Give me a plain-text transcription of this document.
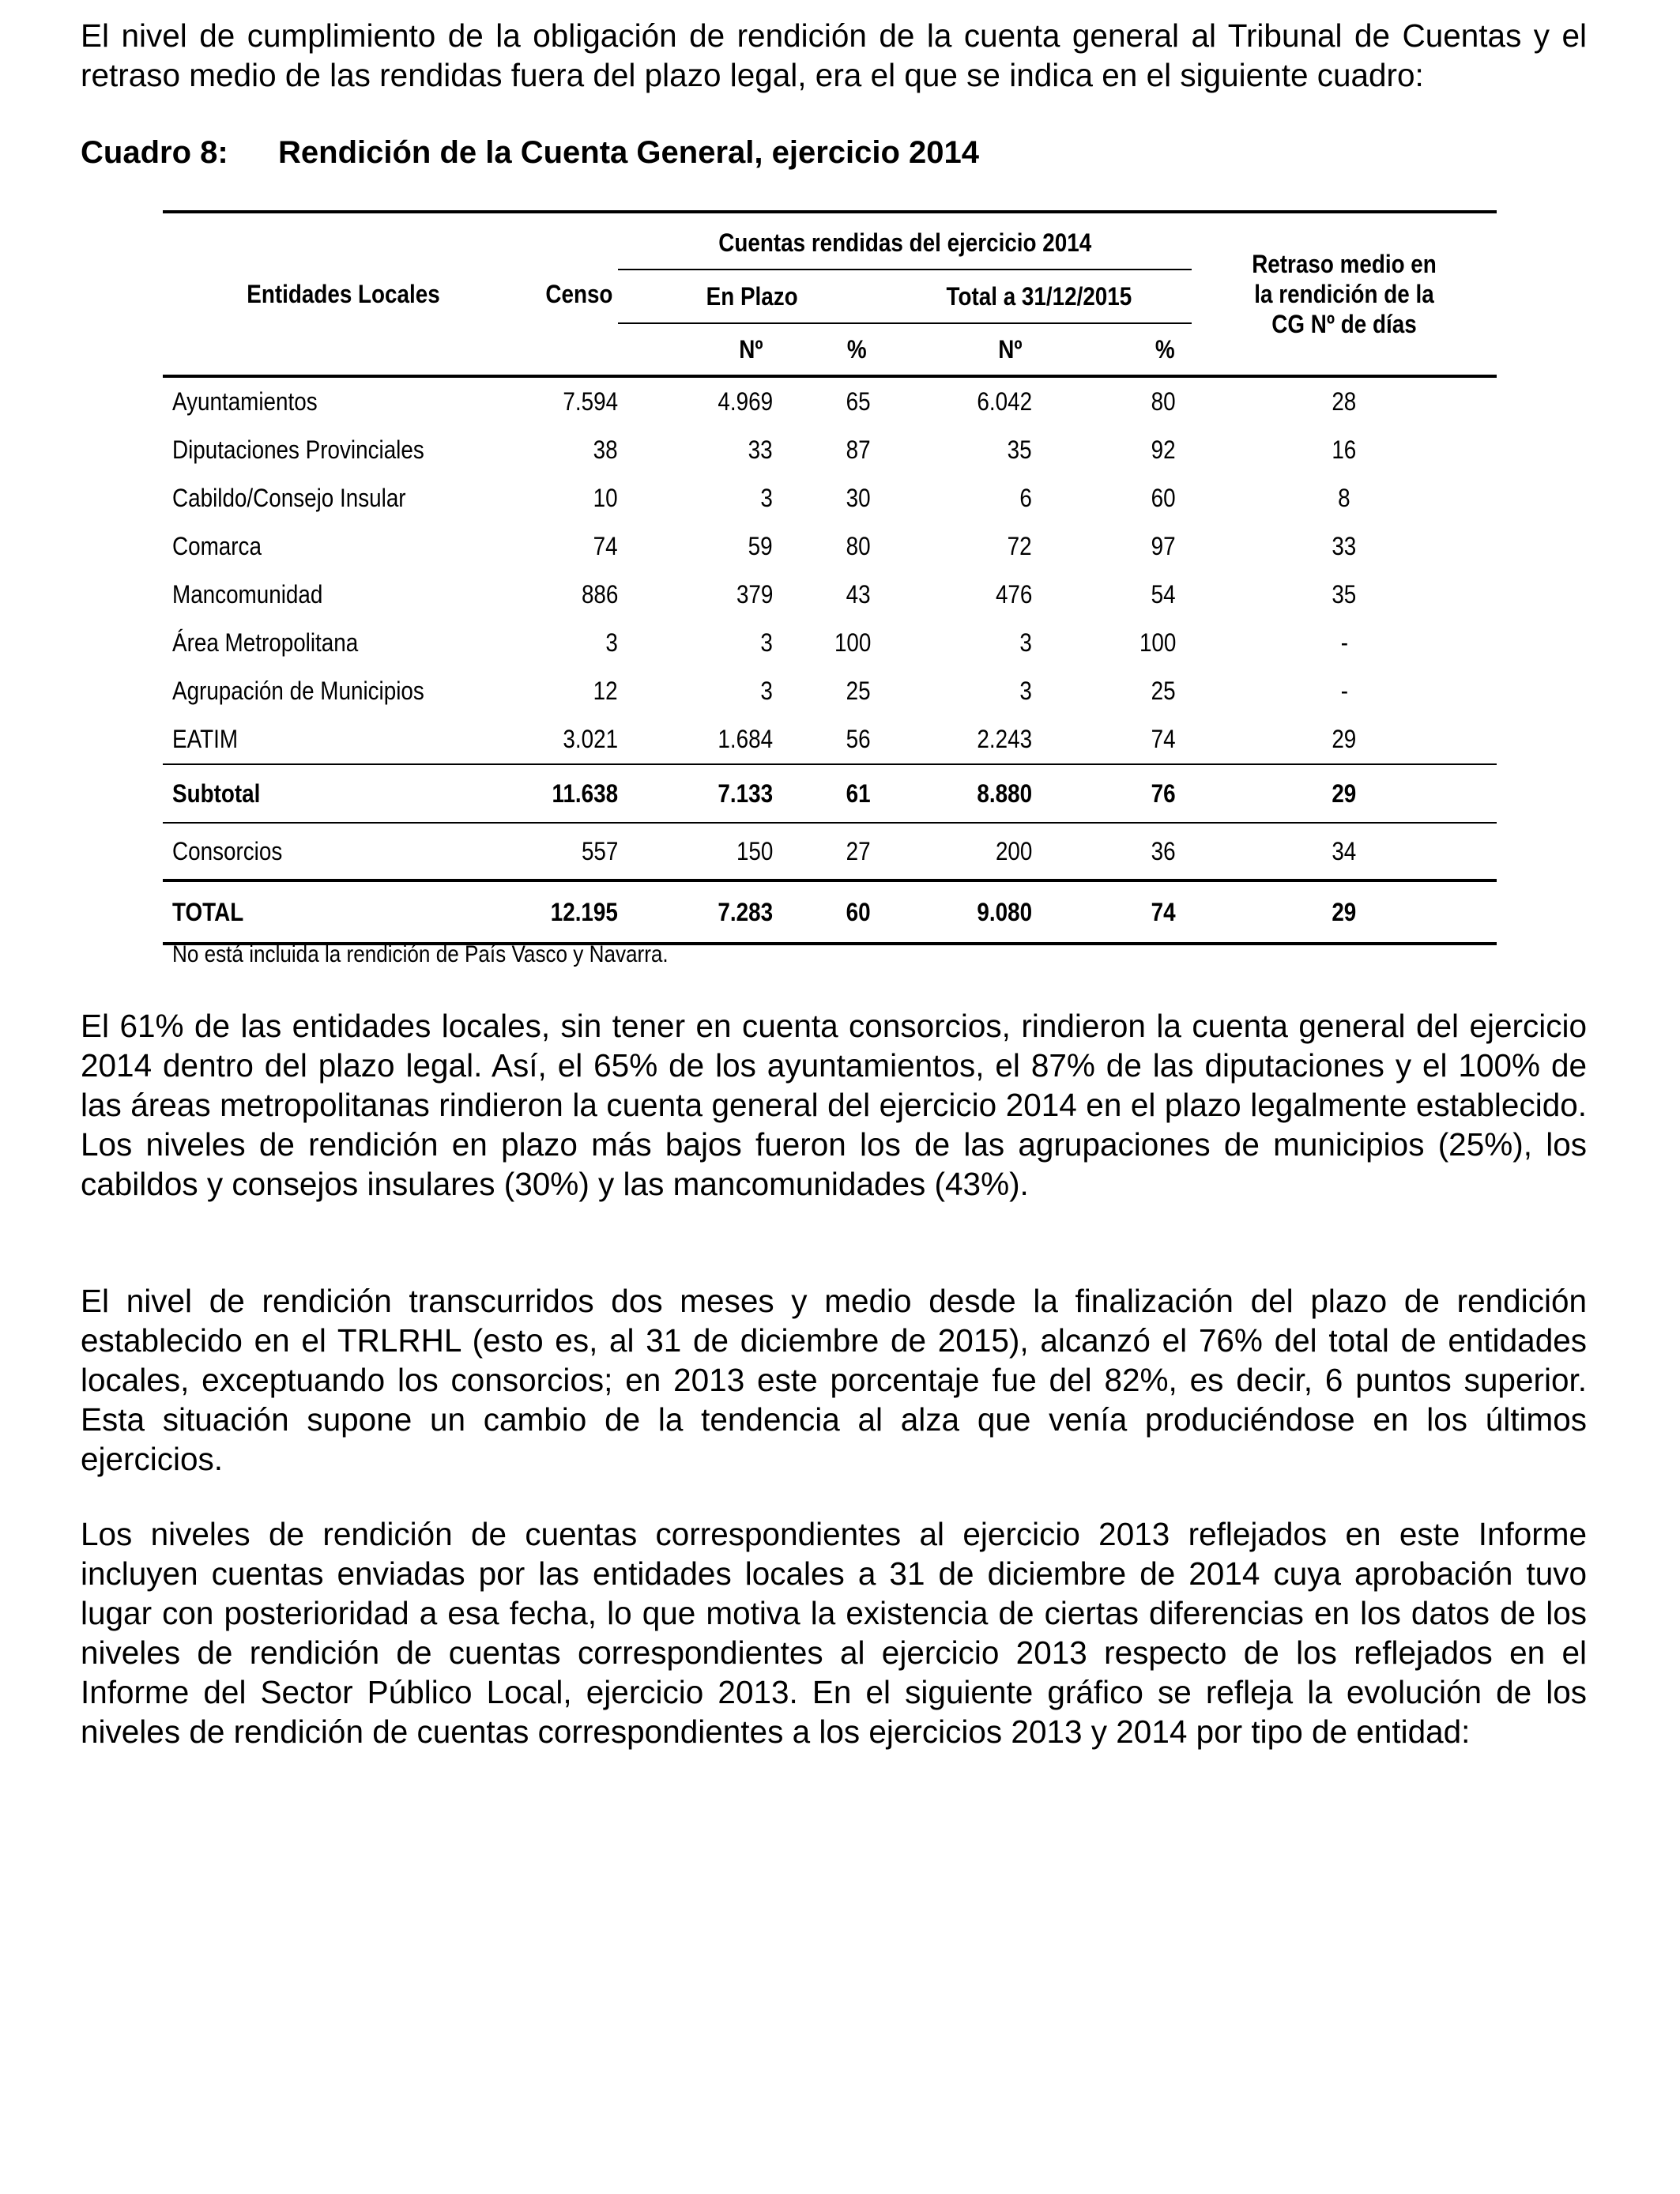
El nivel de cumplimiento de la obligación de rendición de la cuenta general al Tribunal de Cuentas y el retraso medio de las rendidas fuera del plazo legal, era el que se indica en el siguiente cuadro:

Cuadro 8: Rendición de la Cuenta General, ejercicio 2014

Entidades Locales	Censo	Cuentas rendidas del ejercicio 2014				Retraso medio en la rendición de la CG Nº de días

		En Plazo		Total a 31/12/2015		
		Nº	%	Nº	%	
Ayuntamientos	7.594	4.969	65	6.042	80	28
Diputaciones Provinciales	38	33	87	35	92	16
Cabildo/Consejo Insular	10	3	30	6	60	8
Comarca	74	59	80	72	97	33
Mancomunidad	886	379	43	476	54	35
Área Metropolitana	3	3	100	3	100	-
Agrupación de Municipios	12	3	25	3	25	-
EATIM	3.021	1.684	56	2.243	74	29
Subtotal	11.638	7.133	61	8.880	76	29
Consorcios	557	150	27	200	36	34
TOTAL	12.195	7.283	60	9.080	74	29

No está incluida la rendición de País Vasco y Navarra.

El 61% de las entidades locales, sin tener en cuenta consorcios, rindieron la cuenta general del ejercicio 2014 dentro del plazo legal. Así, el 65% de los ayuntamientos, el 87% de las diputaciones y el 100% de las áreas metropolitanas rindieron la cuenta general del ejercicio 2014 en el plazo legalmente establecido. Los niveles de rendición en plazo más bajos fueron los de las agrupaciones de municipios (25%), los cabildos y consejos insulares (30%) y las mancomunidades (43%).

El nivel de rendición transcurridos dos meses y medio desde la finalización del plazo de rendición establecido en el TRLRHL (esto es, al 31 de diciembre de 2015), alcanzó el 76% del total de entidades locales, exceptuando los consorcios; en 2013 este porcentaje fue del 82%, es decir, 6 puntos superior. Esta situación supone un cambio de la tendencia al alza que venía produciéndose en los últimos ejercicios.

Los niveles de rendición de cuentas correspondientes al ejercicio 2013 reflejados en este Informe incluyen cuentas enviadas por las entidades locales a 31 de diciembre de 2014 cuya aprobación tuvo lugar con posterioridad a esa fecha, lo que motiva la existencia de ciertas diferencias en los datos de los niveles de rendición de cuentas correspondientes al ejercicio 2013 respecto de los reflejados en el Informe del Sector Público Local, ejercicio 2013. En el siguiente gráfico se refleja la evolución de los niveles de rendición de cuentas correspondientes a los ejercicios 2013 y 2014 por tipo de entidad:
